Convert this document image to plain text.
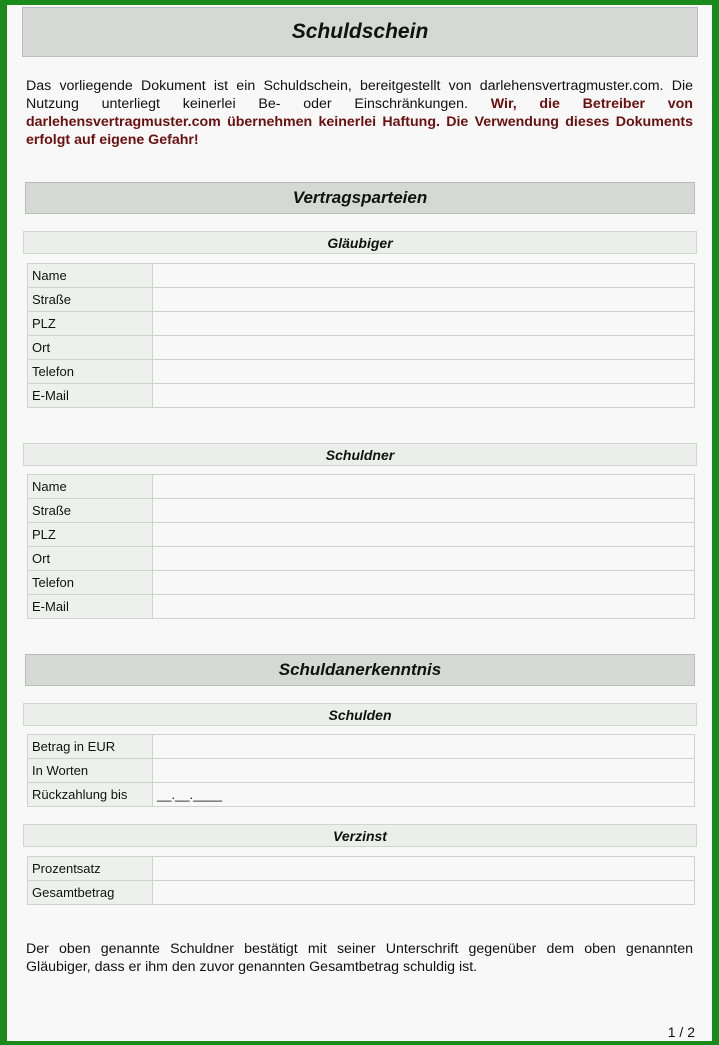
Schuldschein
Das vorliegende Dokument ist ein Schuldschein, bereitgestellt von darlehensvertragmuster.com. Die Nutzung unterliegt keinerlei Be- oder Einschränkungen. Wir, die Betreiber von darlehensvertragmuster.com übernehmen keinerlei Haftung. Die Verwendung dieses Dokuments erfolgt auf eigene Gefahr!
Vertragsparteien
Gläubiger
Name	
Straße	
PLZ	
Ort	
Telefon	
E-Mail	
Schuldner
Name	
Straße	
PLZ	
Ort	
Telefon	
E-Mail	
Schuldanerkenntnis
Schulden
Betrag in EUR	
In Worten	
Rückzahlung bis	__.__.____
Verzinst
Prozentsatz	
Gesamtbetrag	
Der oben genannte Schuldner bestätigt mit seiner Unterschrift gegenüber dem oben genannten Gläubiger, dass er ihm den zuvor genannten Gesamtbetrag schuldig ist.
1 / 2
